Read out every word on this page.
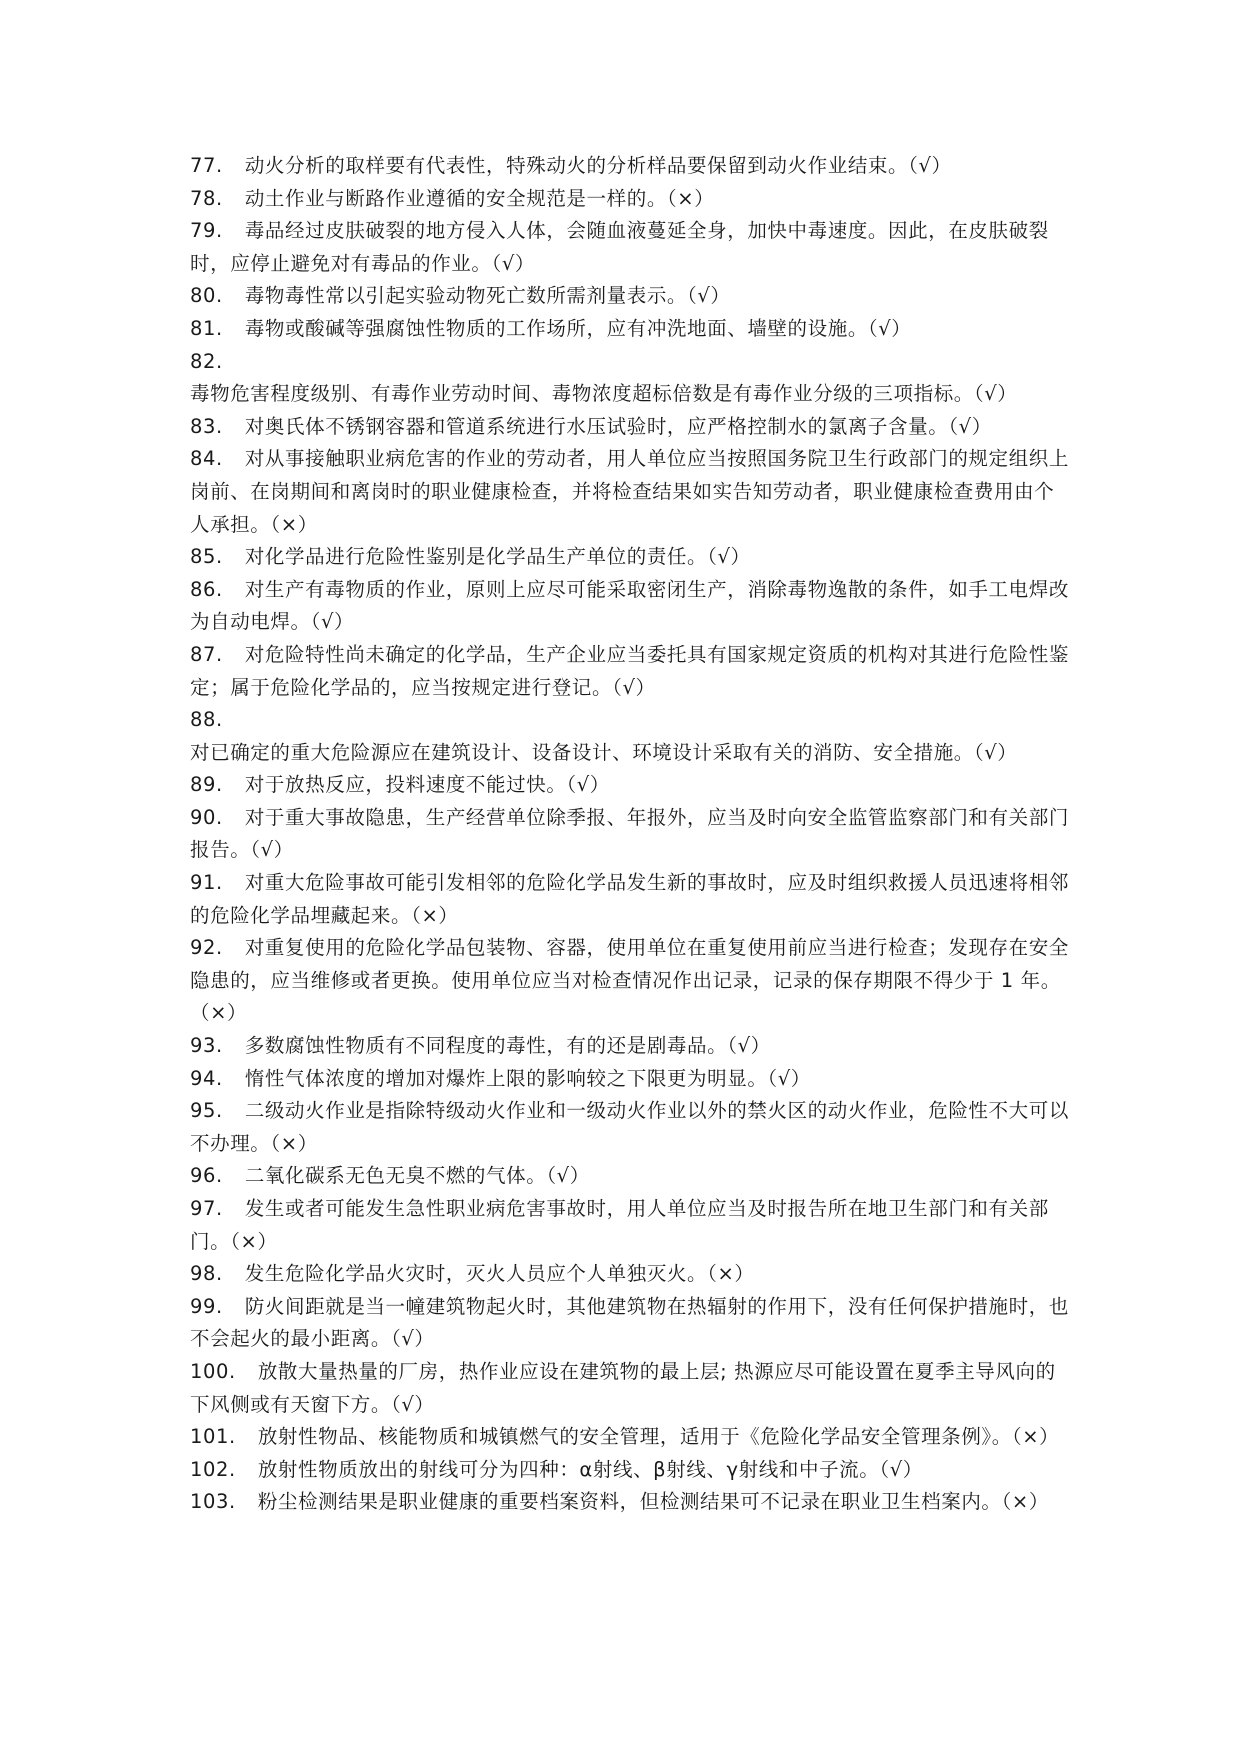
77. 动火分析的取样要有代表性，特殊动火的分析样品要保留到动火作业结束。（√）

78. 动土作业与断路作业遵循的安全规范是一样的。（×）

79. 毒品经过皮肤破裂的地方侵入人体，会随血液蔓延全身，加快中毒速度。因此，在皮肤破裂时，应停止避免对有毒品的作业。（√）

80. 毒物毒性常以引起实验动物死亡数所需剂量表示。（√）

81. 毒物或酸碱等强腐蚀性物质的工作场所，应有冲洗地面、墙壁的设施。（√）

82.毒物危害程度级别、有毒作业劳动时间、毒物浓度超标倍数是有毒作业分级的三项指标。（√）

83. 对奥氏体不锈钢容器和管道系统进行水压试验时，应严格控制水的氯离子含量。（√）

84. 对从事接触职业病危害的作业的劳动者，用人单位应当按照国务院卫生行政部门的规定组织上岗前、在岗期间和离岗时的职业健康检查，并将检查结果如实告知劳动者，职业健康检查费用由个人承担。（×）

85. 对化学品进行危险性鉴别是化学品生产单位的责任。（√）

86. 对生产有毒物质的作业，原则上应尽可能采取密闭生产，消除毒物逸散的条件，如手工电焊改为自动电焊。（√）

87. 对危险特性尚未确定的化学品，生产企业应当委托具有国家规定资质的机构对其进行危险性鉴定；属于危险化学品的，应当按规定进行登记。（√）

88.对已确定的重大危险源应在建筑设计、设备设计、环境设计采取有关的消防、安全措施。（√）

89. 对于放热反应，投料速度不能过快。（√）

90. 对于重大事故隐患，生产经营单位除季报、年报外，应当及时向安全监管监察部门和有关部门报告。（√）

91. 对重大危险事故可能引发相邻的危险化学品发生新的事故时，应及时组织救援人员迅速将相邻的危险化学品埋藏起来。（×）

92. 对重复使用的危险化学品包装物、容器，使用单位在重复使用前应当进行检查；发现存在安全隐患的，应当维修或者更换。使用单位应当对检查情况作出记录，记录的保存期限不得少于 1 年。（×）

93. 多数腐蚀性物质有不同程度的毒性，有的还是剧毒品。（√）

94. 惰性气体浓度的增加对爆炸上限的影响较之下限更为明显。（√）

95. 二级动火作业是指除特级动火作业和一级动火作业以外的禁火区的动火作业，危险性不大可以不办理。（×）

96. 二氧化碳系无色无臭不燃的气体。（√）

97. 发生或者可能发生急性职业病危害事故时，用人单位应当及时报告所在地卫生部门和有关部门。（×）

98. 发生危险化学品火灾时，灭火人员应个人单独灭火。（×）

99. 防火间距就是当一幢建筑物起火时，其他建筑物在热辐射的作用下，没有任何保护措施时，也不会起火的最小距离。（√）

100. 放散大量热量的厂房，热作业应设在建筑物的最上层; 热源应尽可能设置在夏季主导风向的下风侧或有天窗下方。（√）

101. 放射性物品、核能物质和城镇燃气的安全管理，适用于《危险化学品安全管理条例》。（×）

102. 放射性物质放出的射线可分为四种：α射线、β射线、γ射线和中子流。（√）

103. 粉尘检测结果是职业健康的重要档案资料，但检测结果可不记录在职业卫生档案内。（×）
